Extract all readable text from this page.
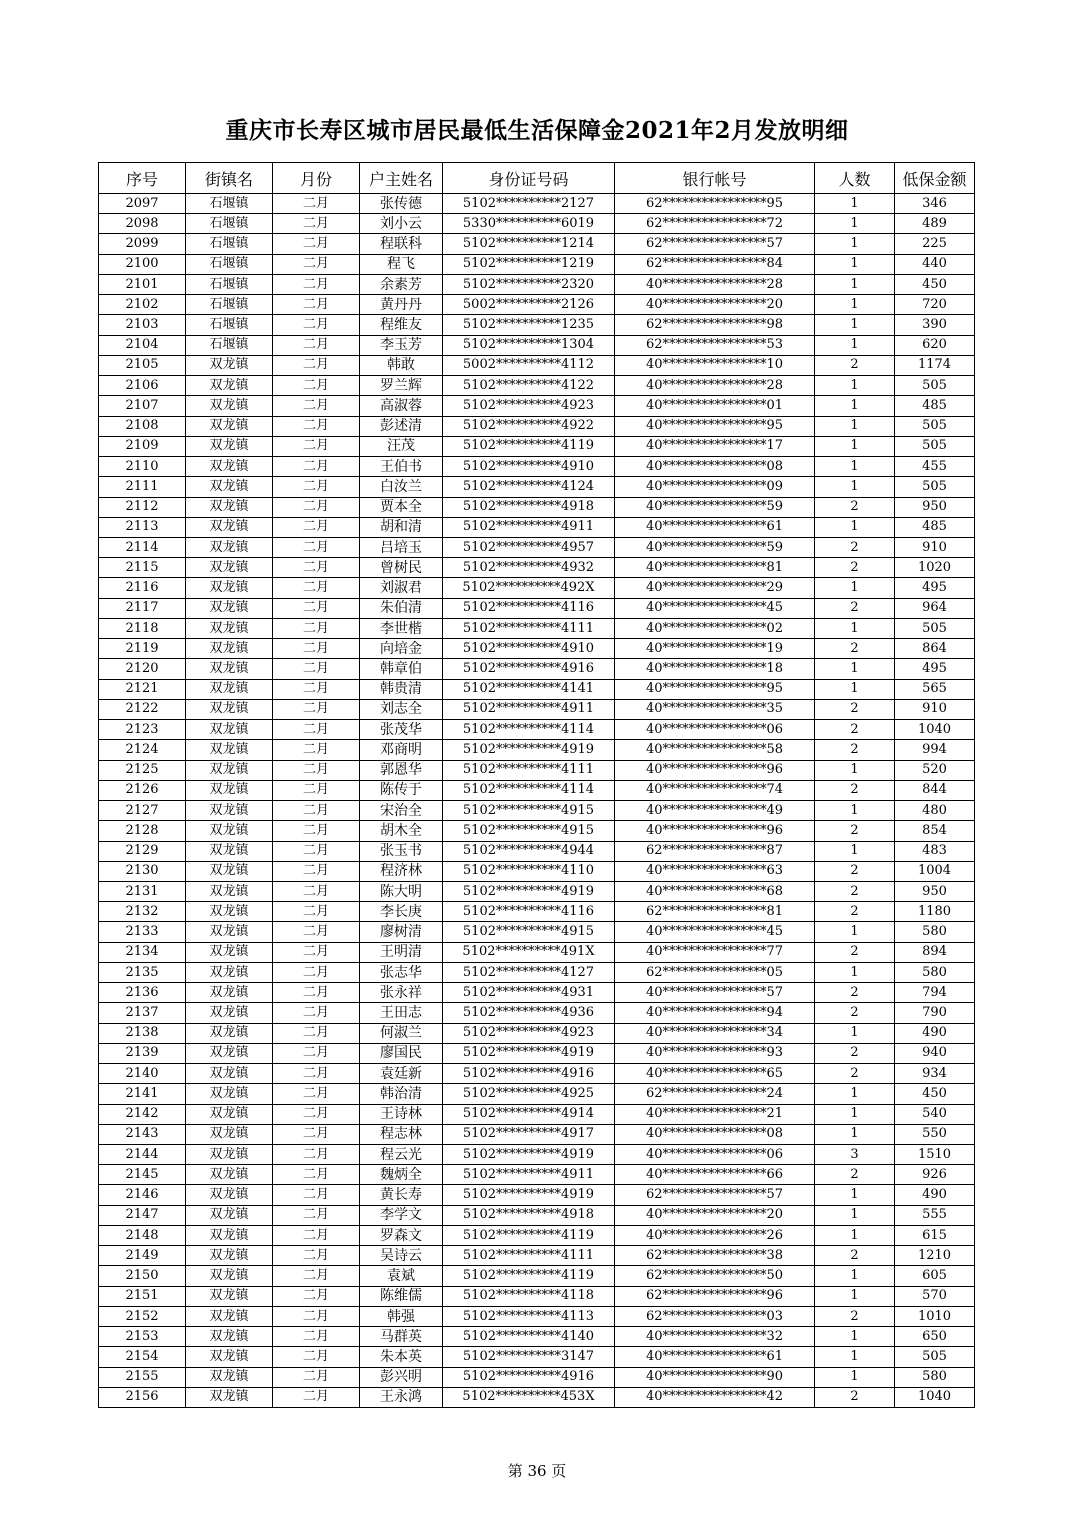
重庆市长寿区城市居民最低生活保障金2021年2月发放明细
序号	街镇名	月份	户主姓名	身份证号码	银行帐号	人数	低保金额
2097	石堰镇	二月	张传德	5102**********2127	62****************95	1	346
2098	石堰镇	二月	刘小云	5330**********6019	62****************72	1	489
2099	石堰镇	二月	程联科	5102**********1214	62****************57	1	225
2100	石堰镇	二月	程飞	5102**********1219	62****************84	1	440
2101	石堰镇	二月	余素芳	5102**********2320	40****************28	1	450
2102	石堰镇	二月	黄丹丹	5002**********2126	40****************20	1	720
2103	石堰镇	二月	程维友	5102**********1235	62****************98	1	390
2104	石堰镇	二月	李玉芳	5102**********1304	62****************53	1	620
2105	双龙镇	二月	韩敢	5002**********4112	40****************10	2	1174
2106	双龙镇	二月	罗兰辉	5102**********4122	40****************28	1	505
2107	双龙镇	二月	高淑蓉	5102**********4923	40****************01	1	485
2108	双龙镇	二月	彭述清	5102**********4922	40****************95	1	505
2109	双龙镇	二月	汪茂	5102**********4119	40****************17	1	505
2110	双龙镇	二月	王伯书	5102**********4910	40****************08	1	455
2111	双龙镇	二月	白汝兰	5102**********4124	40****************09	1	505
2112	双龙镇	二月	贾本全	5102**********4918	40****************59	2	950
2113	双龙镇	二月	胡和清	5102**********4911	40****************61	1	485
2114	双龙镇	二月	吕培玉	5102**********4957	40****************59	2	910
2115	双龙镇	二月	曾树民	5102**********4932	40****************81	2	1020
2116	双龙镇	二月	刘淑君	5102**********492X	40****************29	1	495
2117	双龙镇	二月	朱伯清	5102**********4116	40****************45	2	964
2118	双龙镇	二月	李世楷	5102**********4111	40****************02	1	505
2119	双龙镇	二月	向培金	5102**********4910	40****************19	2	864
2120	双龙镇	二月	韩章伯	5102**********4916	40****************18	1	495
2121	双龙镇	二月	韩贵清	5102**********4141	40****************95	1	565
2122	双龙镇	二月	刘志全	5102**********4911	40****************35	2	910
2123	双龙镇	二月	张茂华	5102**********4114	40****************06	2	1040
2124	双龙镇	二月	邓商明	5102**********4919	40****************58	2	994
2125	双龙镇	二月	郭恩华	5102**********4111	40****************96	1	520
2126	双龙镇	二月	陈传于	5102**********4114	40****************74	2	844
2127	双龙镇	二月	宋治全	5102**********4915	40****************49	1	480
2128	双龙镇	二月	胡木全	5102**********4915	40****************96	2	854
2129	双龙镇	二月	张玉书	5102**********4944	62****************87	1	483
2130	双龙镇	二月	程济林	5102**********4110	40****************63	2	1004
2131	双龙镇	二月	陈大明	5102**********4919	40****************68	2	950
2132	双龙镇	二月	李长庚	5102**********4116	62****************81	2	1180
2133	双龙镇	二月	廖树清	5102**********4915	40****************45	1	580
2134	双龙镇	二月	王明清	5102**********491X	40****************77	2	894
2135	双龙镇	二月	张志华	5102**********4127	62****************05	1	580
2136	双龙镇	二月	张永祥	5102**********4931	40****************57	2	794
2137	双龙镇	二月	王田志	5102**********4936	40****************94	2	790
2138	双龙镇	二月	何淑兰	5102**********4923	40****************34	1	490
2139	双龙镇	二月	廖国民	5102**********4919	40****************93	2	940
2140	双龙镇	二月	袁廷新	5102**********4916	40****************65	2	934
2141	双龙镇	二月	韩治清	5102**********4925	62****************24	1	450
2142	双龙镇	二月	王诗林	5102**********4914	40****************21	1	540
2143	双龙镇	二月	程志林	5102**********4917	40****************08	1	550
2144	双龙镇	二月	程云光	5102**********4919	40****************06	3	1510
2145	双龙镇	二月	魏炳全	5102**********4911	40****************66	2	926
2146	双龙镇	二月	黄长寿	5102**********4919	62****************57	1	490
2147	双龙镇	二月	李学文	5102**********4918	40****************20	1	555
2148	双龙镇	二月	罗森文	5102**********4119	40****************26	1	615
2149	双龙镇	二月	吴诗云	5102**********4111	62****************38	2	1210
2150	双龙镇	二月	袁斌	5102**********4119	62****************50	1	605
2151	双龙镇	二月	陈维儒	5102**********4118	62****************96	1	570
2152	双龙镇	二月	韩强	5102**********4113	62****************03	2	1010
2153	双龙镇	二月	马群英	5102**********4140	40****************32	1	650
2154	双龙镇	二月	朱本英	5102**********3147	40****************61	1	505
2155	双龙镇	二月	彭兴明	5102**********4916	40****************90	1	580
2156	双龙镇	二月	王永鸿	5102**********453X	40****************42	2	1040
第 36 页
